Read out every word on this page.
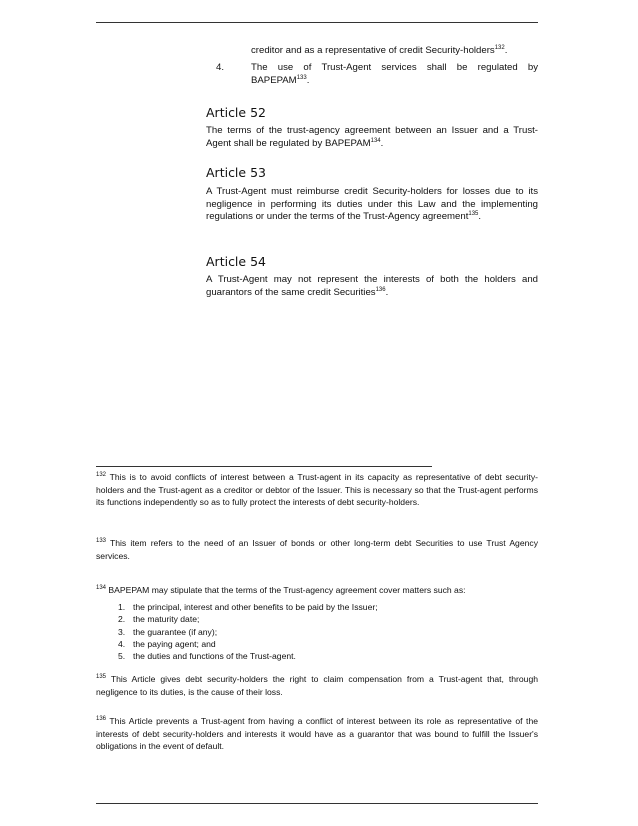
creditor and as a representative of credit Security-holders$^{132}$.

4.	The use of Trust-Agent services shall be regulated by BAPEPAM$^{133}$.

Article 52

The terms of the trust-agency agreement between an Issuer and a Trust-Agent shall be regulated by BAPEPAM$^{134}$.

Article 53

A Trust-Agent must reimburse credit Security-holders for losses due to its negligence in performing its duties under this Law and the implementing regulations or under the terms of the Trust-Agency agreement$^{135}$.

Article 54

A Trust-Agent may not represent the interests of both the holders and guarantors of the same credit Securities$^{136}$.

$^{132}$ This is to avoid conflicts of interest between a Trust-agent in its capacity as representative of debt security-holders and the Trust-agent as a creditor or debtor of the Issuer. This is necessary so that the Trust-agent performs its functions independently so as to fully protect the interests of debt security-holders.
$^{133}$ This item refers to the need of an Issuer of bonds or other long-term debt Securities to use Trust Agency services.
$^{134}$ BAPEPAM may stipulate that the terms of the Trust-agency agreement cover matters such as:
1. the principal, interest and other benefits to be paid by the Issuer;
2. the maturity date;
3. the guarantee (if any);
4. the paying agent; and
5. the duties and functions of the Trust-agent.
$^{135}$ This Article gives debt security-holders the right to claim compensation from a Trust-agent that, through negligence to its duties, is the cause of their loss.
$^{136}$ This Article prevents a Trust-agent from having a conflict of interest between its role as representative of the interests of debt security-holders and interests it would have as a guarantor that was bound to fulfill the Issuer's obligations in the event of default.
